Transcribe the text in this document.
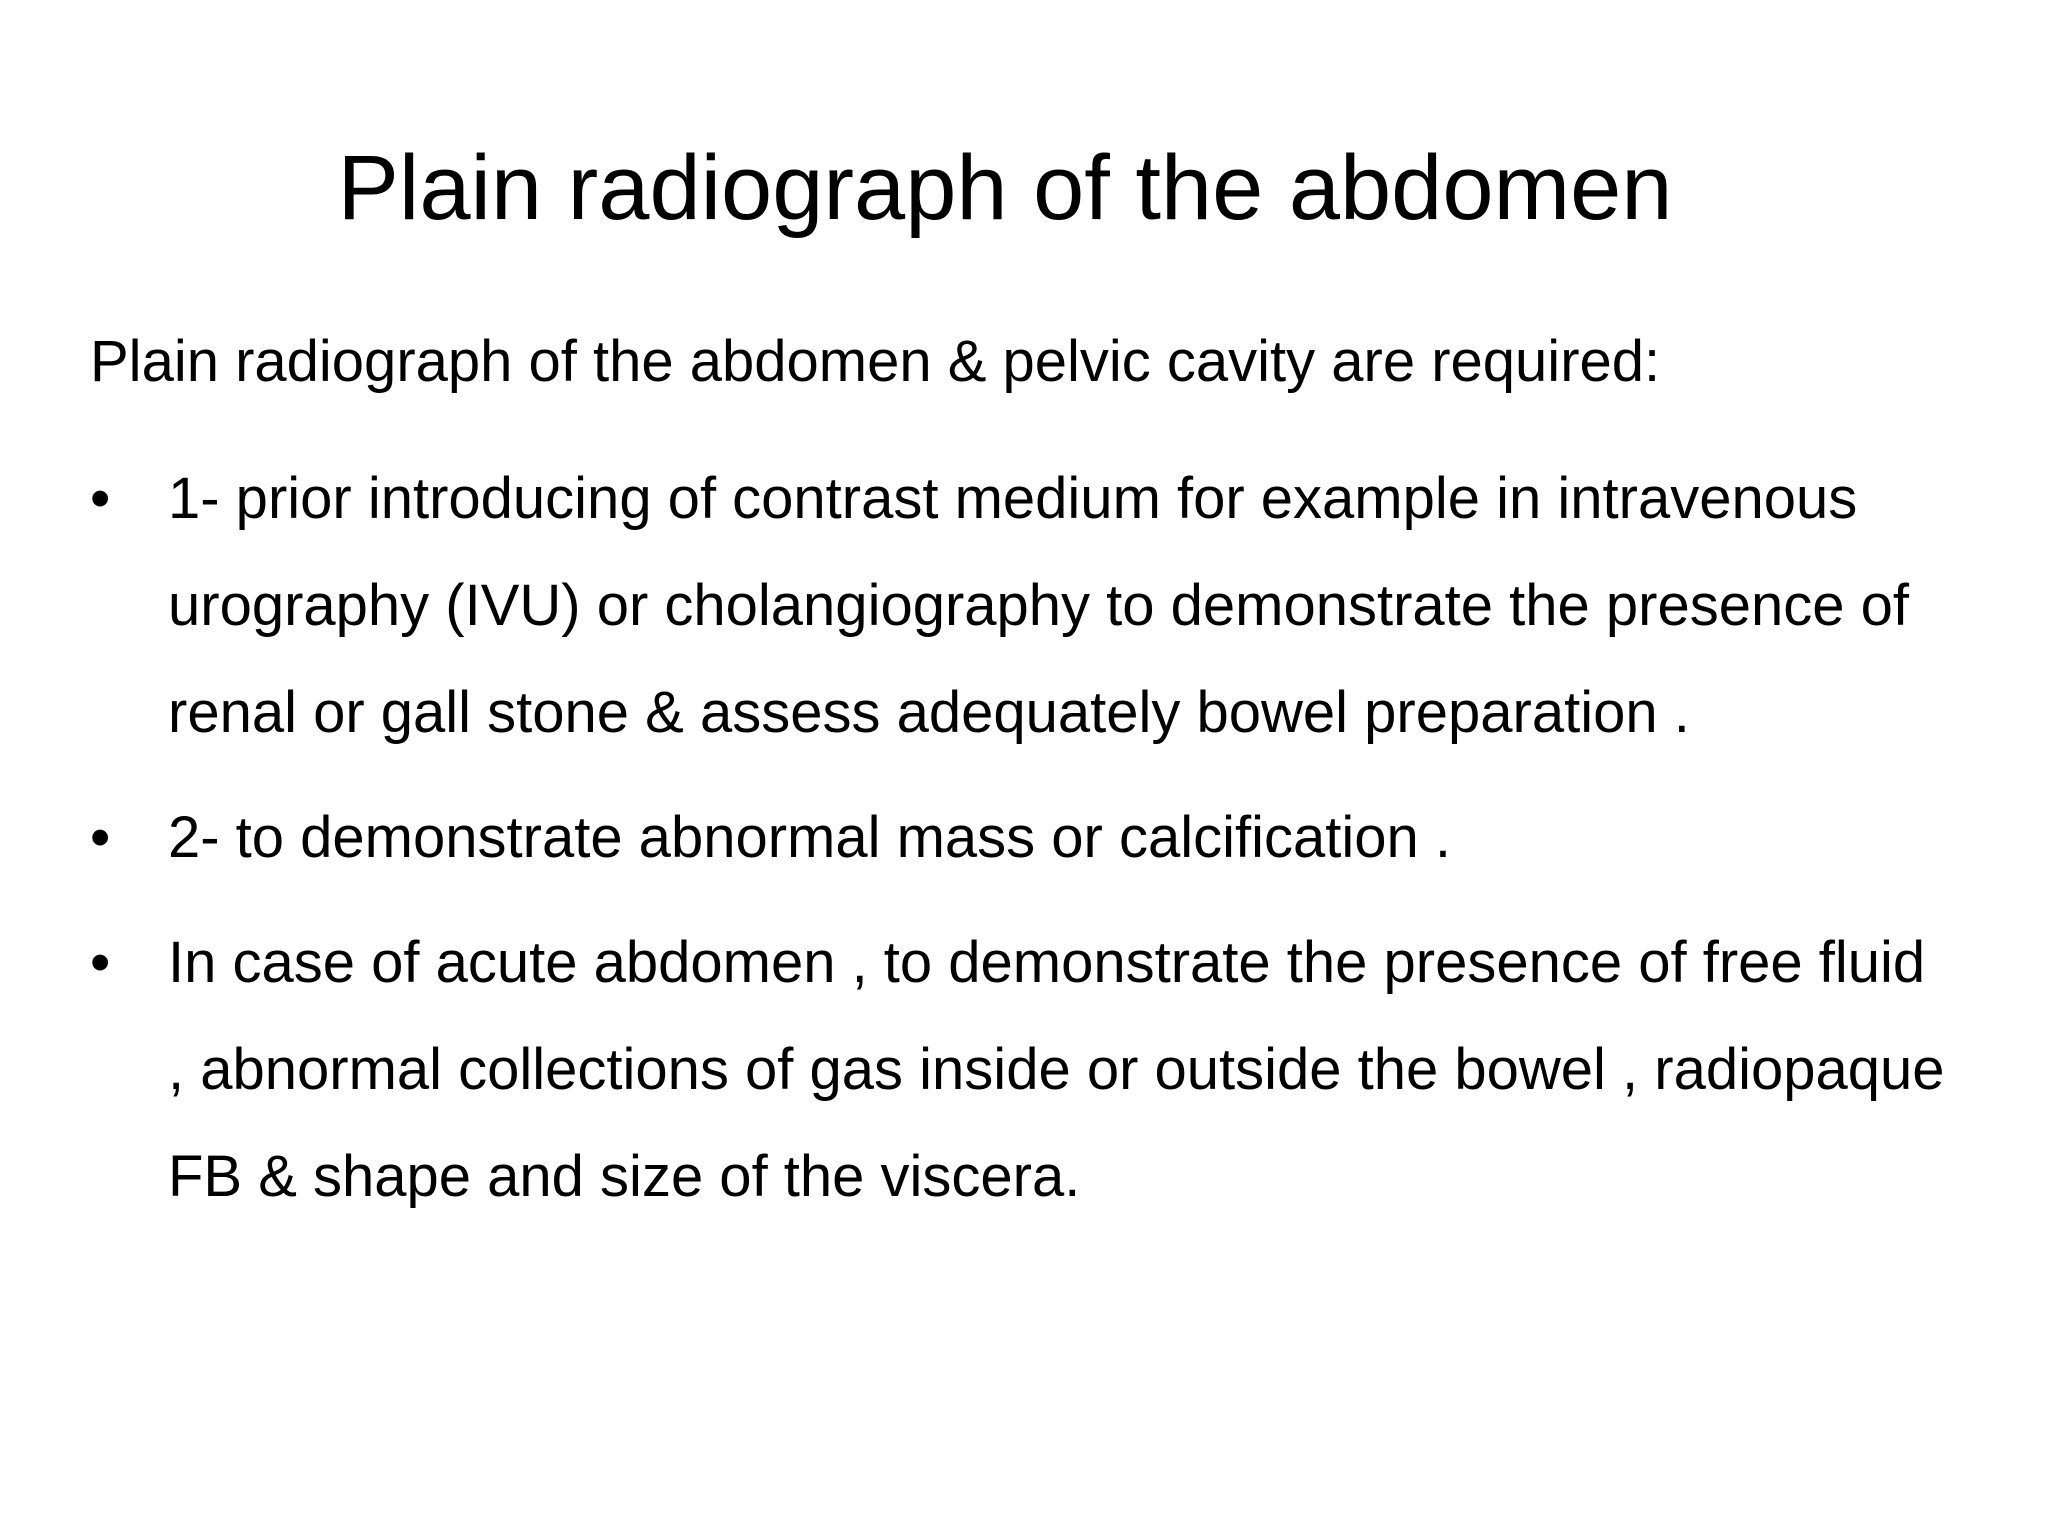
Plain radiograph of the abdomen

Plain radiograph of the abdomen & pelvic cavity are required:

• 1- prior introducing of contrast medium for example in intravenous urography (IVU) or cholangiography to demonstrate the presence of renal or gall stone & assess adequately bowel preparation .
• 2- to demonstrate abnormal mass or calcification .
• In case of acute abdomen , to demonstrate the presence of free fluid , abnormal collections of gas inside or outside the bowel , radiopaque FB & shape and size of the viscera.
